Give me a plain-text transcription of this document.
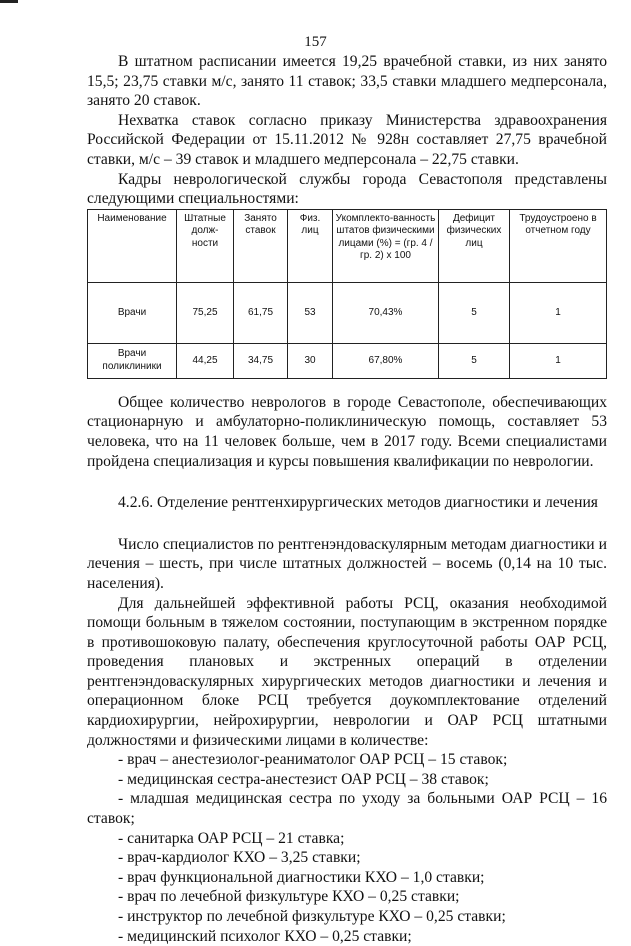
157

В штатном расписании имеется 19,25 врачебной ставки, из них занято 15,5; 23,75 ставки м/с, занято 11 ставок; 33,5 ставки младшего медперсонала, занято 20 ставок.

Нехватка ставок согласно приказу Министерства здравоохранения Российской Федерации от 15.11.2012 № 928н составляет 27,75 врачебной ставки, м/с – 39 ставок и младшего медперсонала – 22,75 ставки.

Кадры неврологической службы города Севастополя представлены следующими специальностями:

Наименование	Штатные долж-ности	Занято ставок	Физ. лиц	Укомплекто-ванность штатов физическими лицами (%) = (гр. 4 / гр. 2) х 100	Дефицит физических лиц	Трудоустроено в отчетном году
Врачи	75,25	61,75	53	70,43%	5	1
Врачи поликлиники	44,25	34,75	30	67,80%	5	1

Общее количество неврологов в городе Севастополе, обеспечивающих стационарную и амбулаторно-поликлиническую помощь, составляет 53 человека, что на 11 человек больше, чем в 2017 году. Всеми специалистами пройдена специализация и курсы повышения квалификации по неврологии.

4.2.6. Отделение рентгенхирургических методов диагностики и лечения

Число специалистов по рентгенэндоваскулярным методам диагностики и лечения – шесть, при числе штатных должностей – восемь (0,14 на 10 тыс. населения).

Для дальнейшей эффективной работы РСЦ, оказания необходимой помощи больным в тяжелом состоянии, поступающим в экстренном порядке в противошоковую палату, обеспечения круглосуточной работы ОАР РСЦ, проведения плановых и экстренных операций в отделении рентгенэндоваскулярных хирургических методов диагностики и лечения и операционном блоке РСЦ требуется доукомплектование отделений кардиохирургии, нейрохирургии, неврологии и ОАР РСЦ штатными должностями и физическими лицами в количестве:

- врач – анестезиолог-реаниматолог ОАР РСЦ – 15 ставок;
- медицинская сестра-анестезист ОАР РСЦ – 38 ставок;
- младшая медицинская сестра по уходу за больными ОАР РСЦ – 16 ставок;
- санитарка ОАР РСЦ – 21 ставка;
- врач-кардиолог КХО – 3,25 ставки;
- врач функциональной диагностики КХО – 1,0 ставки;
- врач по лечебной физкультуре КХО – 0,25 ставки;
- инструктор по лечебной физкультуре КХО – 0,25 ставки;
- медицинский психолог КХО – 0,25 ставки;
